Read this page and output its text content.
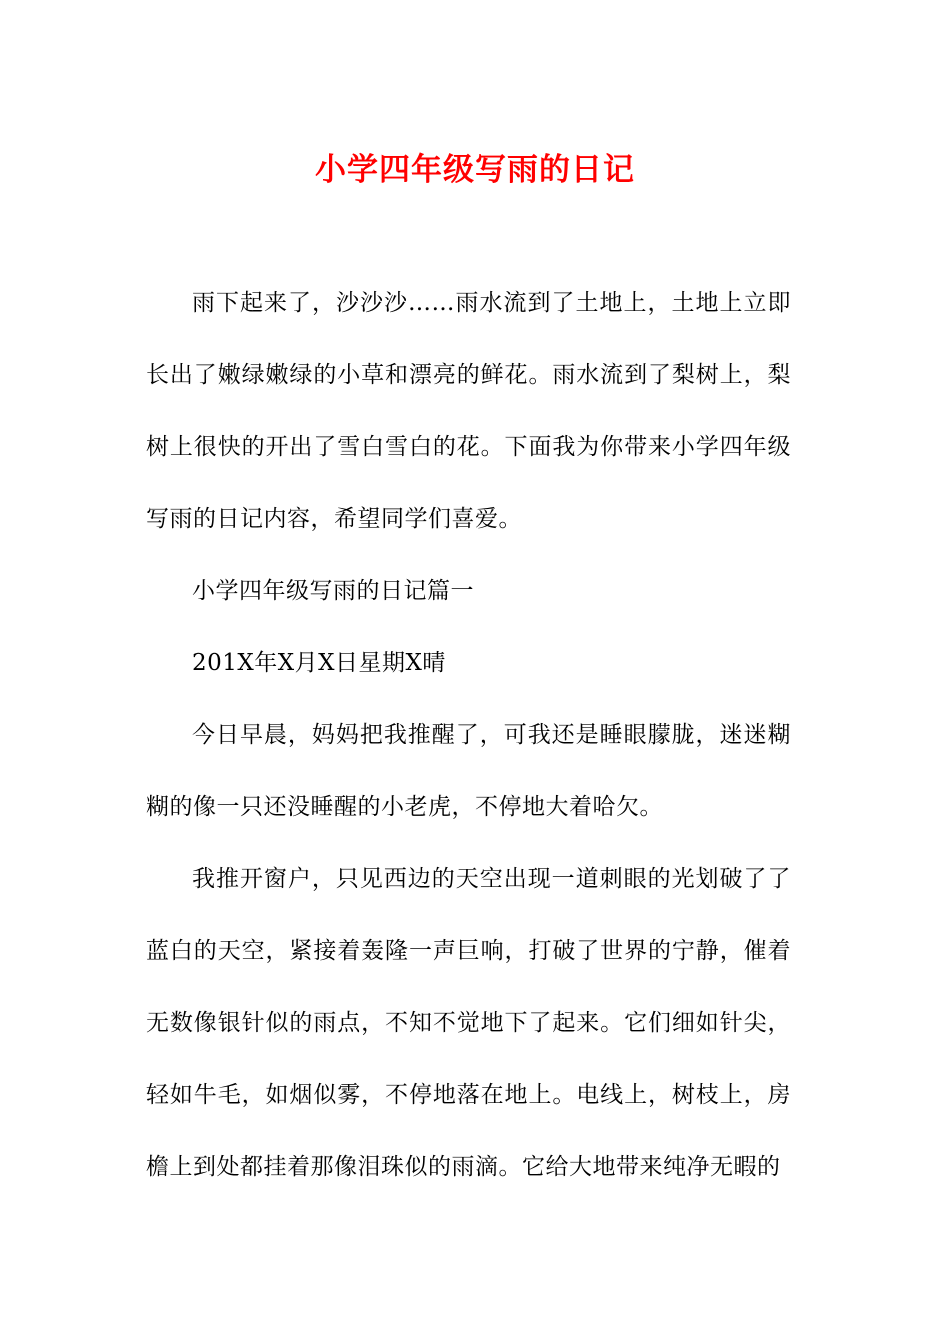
小学四年级写雨的日记

雨下起来了，沙沙沙……雨水流到了土地上，土地上立即长出了嫩绿嫩绿的小草和漂亮的鲜花。雨水流到了梨树上，梨树上很快的开出了雪白雪白的花。下面我为你带来小学四年级写雨的日记内容，希望同学们喜爱。

小学四年级写雨的日记篇一

201X年X月X日星期X晴

今日早晨，妈妈把我推醒了，可我还是睡眼朦胧，迷迷糊糊的像一只还没睡醒的小老虎，不停地大着哈欠。

我推开窗户，只见西边的天空出现一道刺眼的光划破了了蓝白的天空，紧接着轰隆一声巨响，打破了世界的宁静，催着无数像银针似的雨点，不知不觉地下了起来。它们细如针尖，轻如牛毛，如烟似雾，不停地落在地上。电线上，树枝上，房檐上到处都挂着那像泪珠似的雨滴。它给大地带来纯净无暇的
